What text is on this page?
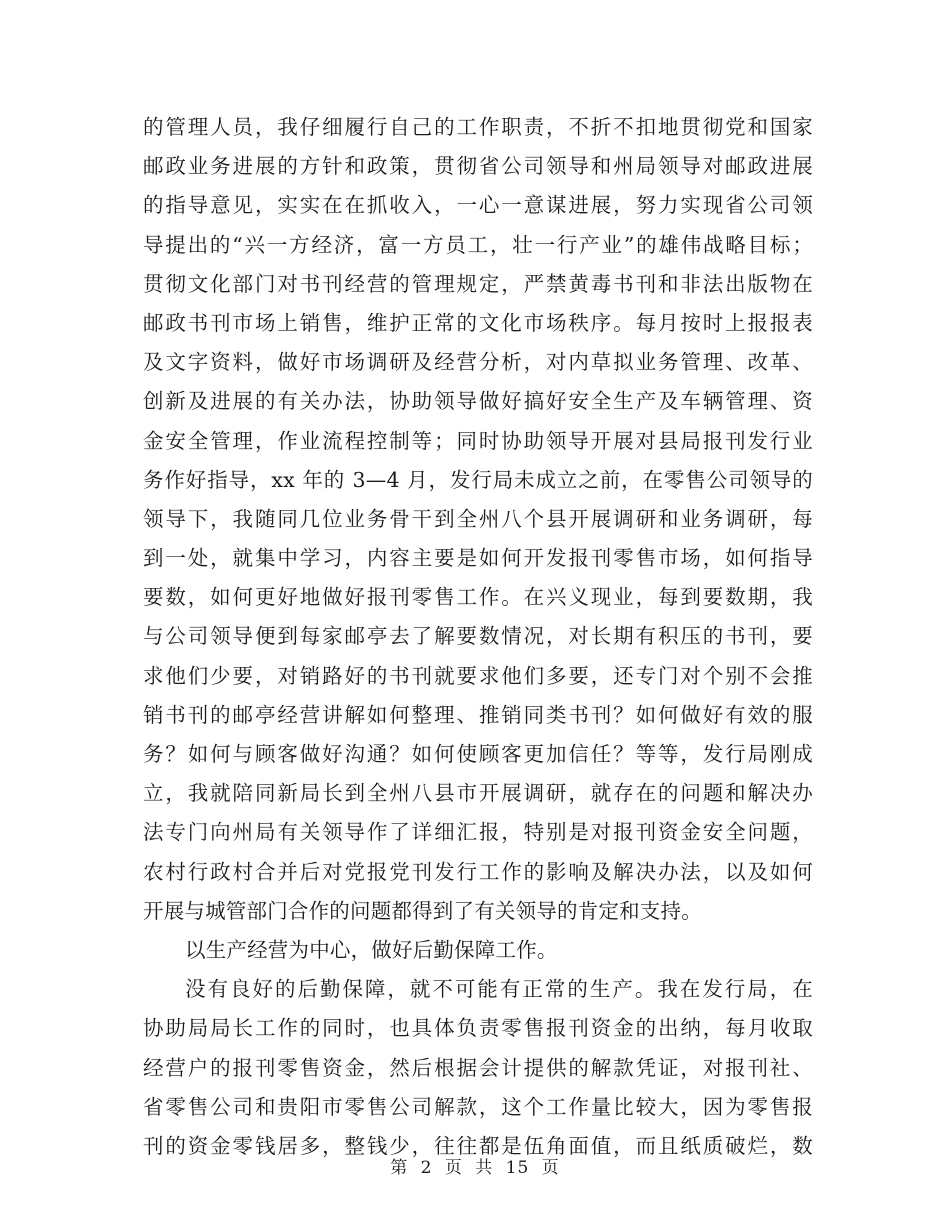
的管理人员，我仔细履行自己的工作职责，不折不扣地贯彻党和国家
邮政业务进展的方针和政策，贯彻省公司领导和州局领导对邮政进展
的指导意见，实实在在抓收入，一心一意谋进展，努力实现省公司领
导提出的“兴一方经济，富一方员工，壮一行产业”的雄伟战略目标；
贯彻文化部门对书刊经营的管理规定，严禁黄毒书刊和非法出版物在
邮政书刊市场上销售，维护正常的文化市场秩序。每月按时上报报表
及文字资料，做好市场调研及经营分析，对内草拟业务管理、改革、
创新及进展的有关办法，协助领导做好搞好安全生产及车辆管理、资
金安全管理，作业流程控制等；同时协助领导开展对县局报刊发行业
务作好指导，xx 年的 3—4 月，发行局未成立之前，在零售公司领导的
领导下，我随同几位业务骨干到全州八个县开展调研和业务调研，每
到一处，就集中学习，内容主要是如何开发报刊零售市场，如何指导
要数，如何更好地做好报刊零售工作。在兴义现业，每到要数期，我
与公司领导便到每家邮亭去了解要数情况，对长期有积压的书刊，要
求他们少要，对销路好的书刊就要求他们多要，还专门对个别不会推
销书刊的邮亭经营讲解如何整理、推销同类书刊？如何做好有效的服
务？如何与顾客做好沟通？如何使顾客更加信任？等等，发行局刚成
立，我就陪同新局长到全州八县市开展调研，就存在的问题和解决办
法专门向州局有关领导作了详细汇报，特别是对报刊资金安全问题，
农村行政村合并后对党报党刊发行工作的影响及解决办法，以及如何
开展与城管部门合作的问题都得到了有关领导的肯定和支持。
以生产经营为中心，做好后勤保障工作。
没有良好的后勤保障，就不可能有正常的生产。我在发行局，在
协助局局长工作的同时，也具体负责零售报刊资金的出纳，每月收取
经营户的报刊零售资金，然后根据会计提供的解款凭证，对报刊社、
省零售公司和贵阳市零售公司解款，这个工作量比较大，因为零售报
刊的资金零钱居多，整钱少，往往都是伍角面值，而且纸质破烂，数
第 2 页 共 15 页
